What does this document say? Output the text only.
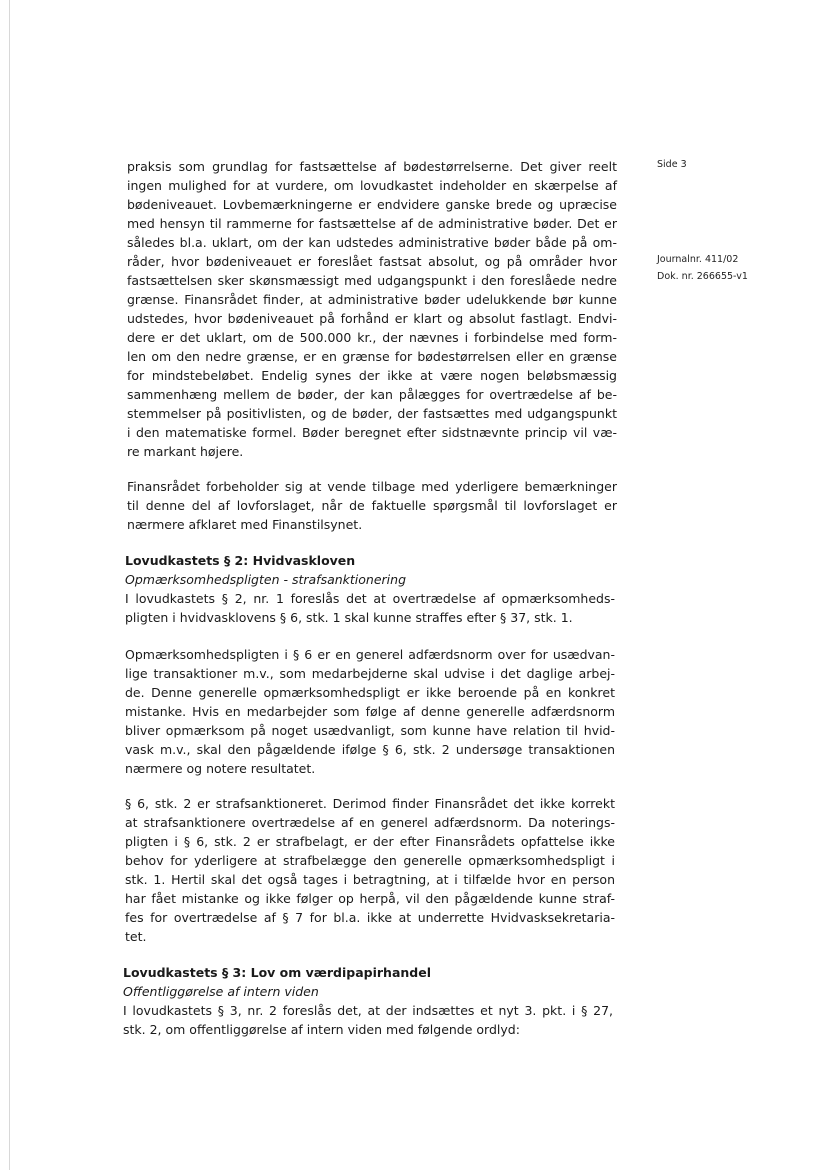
Side 3

Journalnr. 411/02

Dok. nr. 266655-v1

praksis som grundlag for fastsættelse af bødestørrelserne. Det giver reelt
ingen mulighed for at vurdere, om lovudkastet indeholder en skærpelse af
bødeniveauet. Lovbemærkningerne er endvidere ganske brede og upræcise
med hensyn til rammerne for fastsættelse af de administrative bøder. Det er
således bl.a. uklart, om der kan udstedes administrative bøder både på om-
råder, hvor bødeniveauet er foreslået fastsat absolut, og på områder hvor
fastsættelsen sker skønsmæssigt med udgangspunkt i den foreslåede nedre
grænse. Finansrådet finder, at administrative bøder udelukkende bør kunne
udstedes, hvor bødeniveauet på forhånd er klart og absolut fastlagt. Endvi-
dere er det uklart, om de 500.000 kr., der nævnes i forbindelse med form-
len om den nedre grænse, er en grænse for bødestørrelsen eller en grænse
for mindstebeløbet. Endelig synes der ikke at være nogen beløbsmæssig
sammenhæng mellem de bøder, der kan pålægges for overtrædelse af be-
stemmelser på positivlisten, og de bøder, der fastsættes med udgangspunkt
i den matematiske formel. Bøder beregnet efter sidstnævnte princip vil væ-
re markant højere.
Finansrådet forbeholder sig at vende tilbage med yderligere bemærkninger
til denne del af lovforslaget, når de faktuelle spørgsmål til lovforslaget er
nærmere afklaret med Finanstilsynet.
Lovudkastets § 2: Hvidvaskloven
Opmærksomhedspligten - strafsanktionering
I lovudkastets § 2, nr. 1 foreslås det at overtrædelse af opmærksomheds-
pligten i hvidvasklovens § 6, stk. 1 skal kunne straffes efter § 37, stk. 1.
Opmærksomhedspligten i § 6 er en generel adfærdsnorm over for usædvan-
lige transaktioner m.v., som medarbejderne skal udvise i det daglige arbej-
de. Denne generelle opmærksomhedspligt er ikke beroende på en konkret
mistanke. Hvis en medarbejder som følge af denne generelle adfærdsnorm
bliver opmærksom på noget usædvanligt, som kunne have relation til hvid-
vask m.v., skal den pågældende ifølge § 6, stk. 2 undersøge transaktionen
nærmere og notere resultatet.
§ 6, stk. 2 er strafsanktioneret. Derimod finder Finansrådet det ikke korrekt
at strafsanktionere overtrædelse af en generel adfærdsnorm. Da noterings-
pligten i § 6, stk. 2 er strafbelagt, er der efter Finansrådets opfattelse ikke
behov for yderligere at strafbelægge den generelle opmærksomhedspligt i
stk. 1. Hertil skal det også tages i betragtning, at i tilfælde hvor en person
har fået mistanke og ikke følger op herpå, vil den pågældende kunne straf-
fes for overtrædelse af § 7 for bl.a. ikke at underrette Hvidvasksekretaria-
tet.
Lovudkastets § 3: Lov om værdipapirhandel
Offentliggørelse af intern viden
I lovudkastets § 3, nr. 2 foreslås det, at der indsættes et nyt 3. pkt. i § 27,
stk. 2, om offentliggørelse af intern viden med følgende ordlyd:
